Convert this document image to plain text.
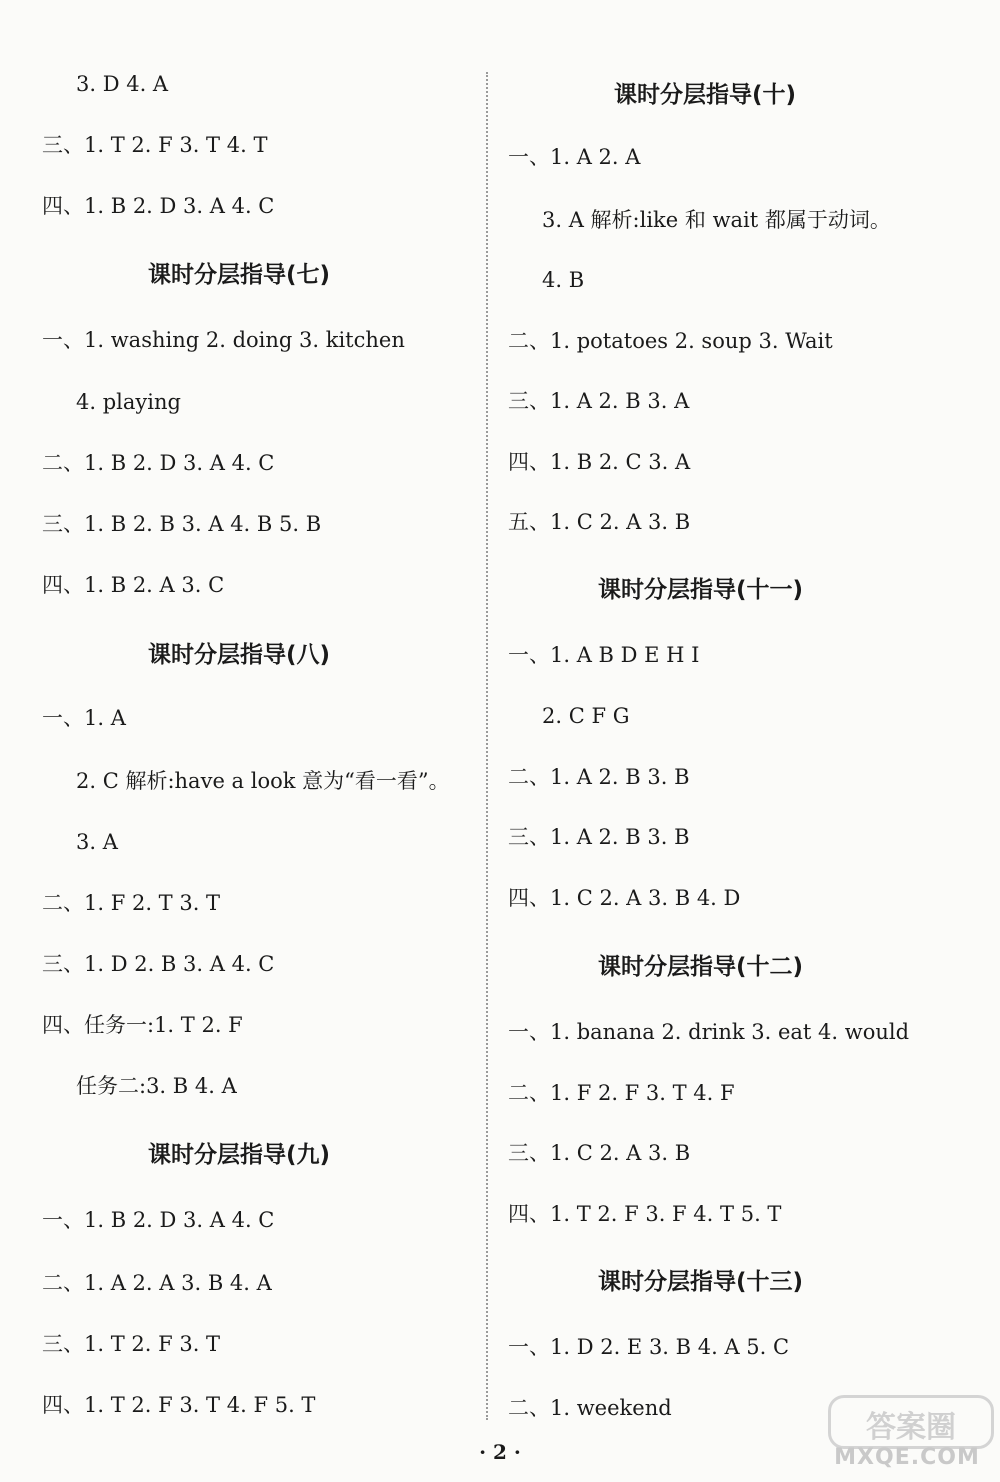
3. D 4. A
三、1. T 2. F 3. T 4. T
四、1. B 2. D 3. A 4. C
课时分层指导(七)
一、1. washing 2. doing 3. kitchen
4. playing
二、1. B 2. D 3. A 4. C
三、1. B 2. B 3. A 4. B 5. B
四、1. B 2. A 3. C
课时分层指导(八)
一、1. A
2. C 解析:have a look 意为“看一看”。
3. A
二、1. F 2. T 3. T
三、1. D 2. B 3. A 4. C
四、任务一:1. T 2. F
任务二:3. B 4. A
课时分层指导(九)
一、1. B 2. D 3. A 4. C
二、1. A 2. A 3. B 4. A
三、1. T 2. F 3. T
四、1. T 2. F 3. T 4. F 5. T
课时分层指导(十)
一、1. A 2. A
3. A 解析:like 和 wait 都属于动词。
4. B
二、1. potatoes 2. soup 3. Wait
三、1. A 2. B 3. A
四、1. B 2. C 3. A
五、1. C 2. A 3. B
课时分层指导(十一)
一、1. A B D E H I
2. C F G
二、1. A 2. B 3. B
三、1. A 2. B 3. B
四、1. C 2. A 3. B 4. D
课时分层指导(十二)
一、1. banana 2. drink 3. eat 4. would
二、1. F 2. F 3. T 4. F
三、1. C 2. A 3. B
四、1. T 2. F 3. F 4. T 5. T
课时分层指导(十三)
一、1. D 2. E 3. B 4. A 5. C
二、1. weekend
· 2 ·
答案圈
MXQE.COM
